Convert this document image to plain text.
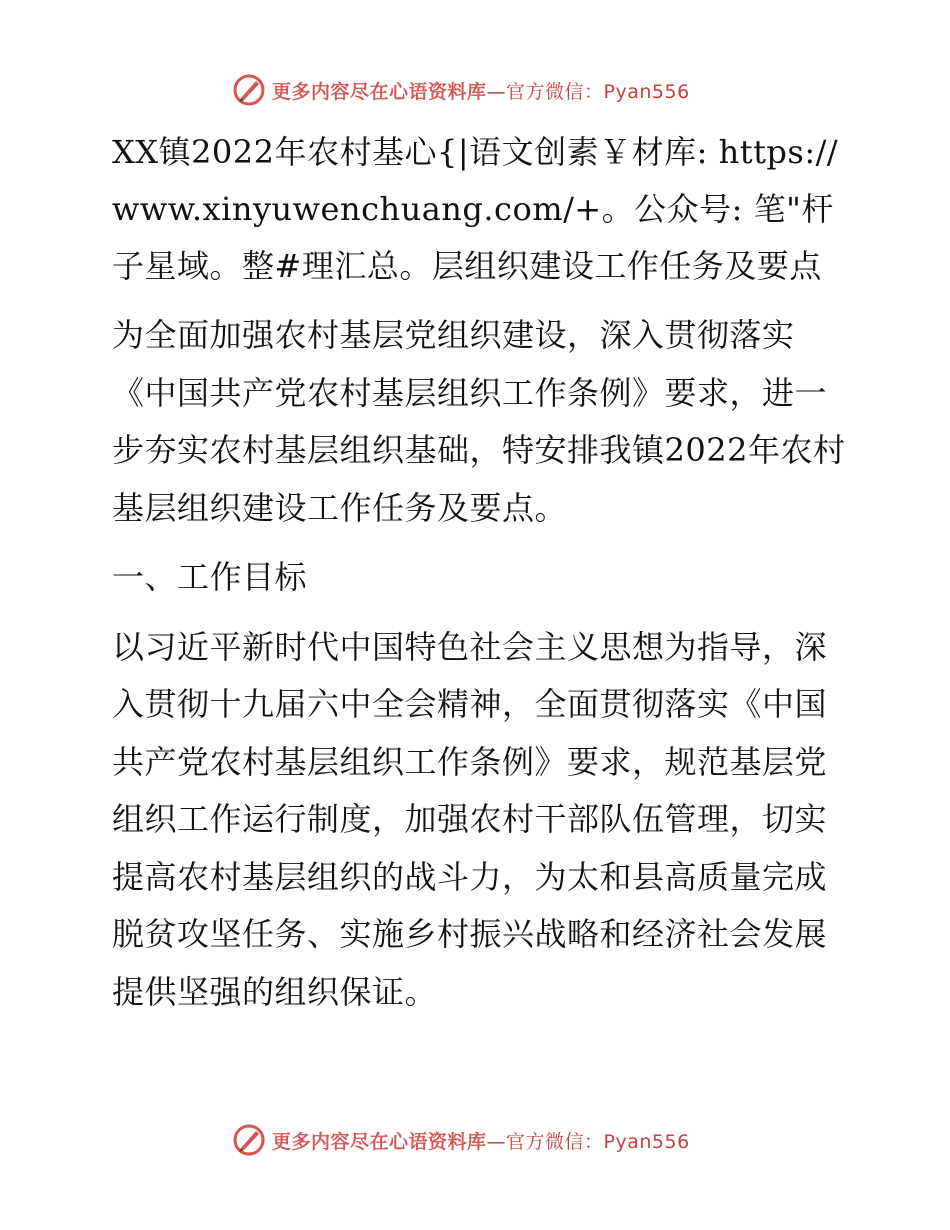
更多内容尽在心语资料库—官方微信：Pyan556

XX镇2022年农村基心{|语文创素￥材库: https://www.xinyuwenchuang.com/+。公众号: 笔"杆子星域。整#理汇总。层组织建设工作任务及要点

为全面加强农村基层党组织建设，深入贯彻落实《中国共产党农村基层组织工作条例》要求，进一步夯实农村基层组织基础，特安排我镇2022年农村基层组织建设工作任务及要点。

一、工作目标

以习近平新时代中国特色社会主义思想为指导，深入贯彻十九届六中全会精神，全面贯彻落实《中国共产党农村基层组织工作条例》要求，规范基层党组织工作运行制度，加强农村干部队伍管理，切实提高农村基层组织的战斗力，为太和县高质量完成脱贫攻坚任务、实施乡村振兴战略和经济社会发展提供坚强的组织保证。

更多内容尽在心语资料库—官方微信：Pyan556
